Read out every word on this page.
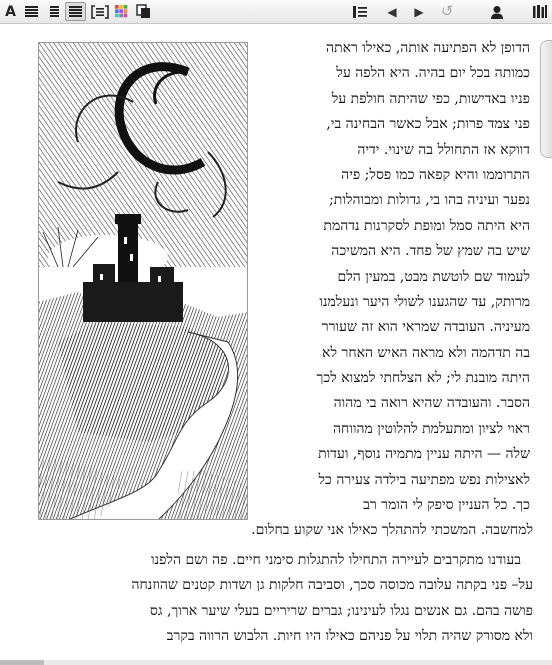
A	◀ ▶ ↺
הדופן לא הפתיעה אותה, כאילו ראתה
כמותה בכל יום בהיה. היא הלפה על
פניו באדישות, כפי שהיתה חולפת על
פני צמד פרות; אבל כאשר הבחינה בי,
דווקא אז התחולל בה שינוי. ידיה
התרוממו והיא קפאה כמו פסל; פיה
נפער ועיניה בהו בי, גדולות ומבוהלות;
היא היתה סמל ומופת לסקרנות נדהמת
שיש בה שמץ של פחד. היא המשיכה
לעמוד שם לוטשת מבט, במעין הלם
מרותק, עד שהגענו לשולי היער ונעלמנו
מעיניה. העובדה שמראי הוא זה שעורר
בה תדהמה ולא מראה האיש האחר לא
היתה מובנת לי; לא הצלחתי למצוא לכך
הסבר. והעובדה שהיא רואה בי מהוה
ראוי לציון ומתעלמת להלוטין מהווחה
שלה — היתה עניין מתמיה נוסף, ועדות
לאצילות נפש מפתיעה בילדה צעירה כל
כך. כל העניין סיפק לי הומר רב
למחשבה. המשכתי להתהלך כאילו אני שקוע בחלום.
בעודנו מתקרבים לעיירה התחילו להתגלות סימני חיים. פה ושם הלפנו
על– פני בקתה עלובה מכוסה סכך, וסביבה חלקות גן ושדות קטנים שהוזנחה
פושה בהם. גם אנשים נגלו לעינינו; גברים שריריים בעלי שיער ארוך, גס
ולא מסורק שהיה תלוי על פניהם כאילו היו חיות. הלבוש הרווה בקרב
